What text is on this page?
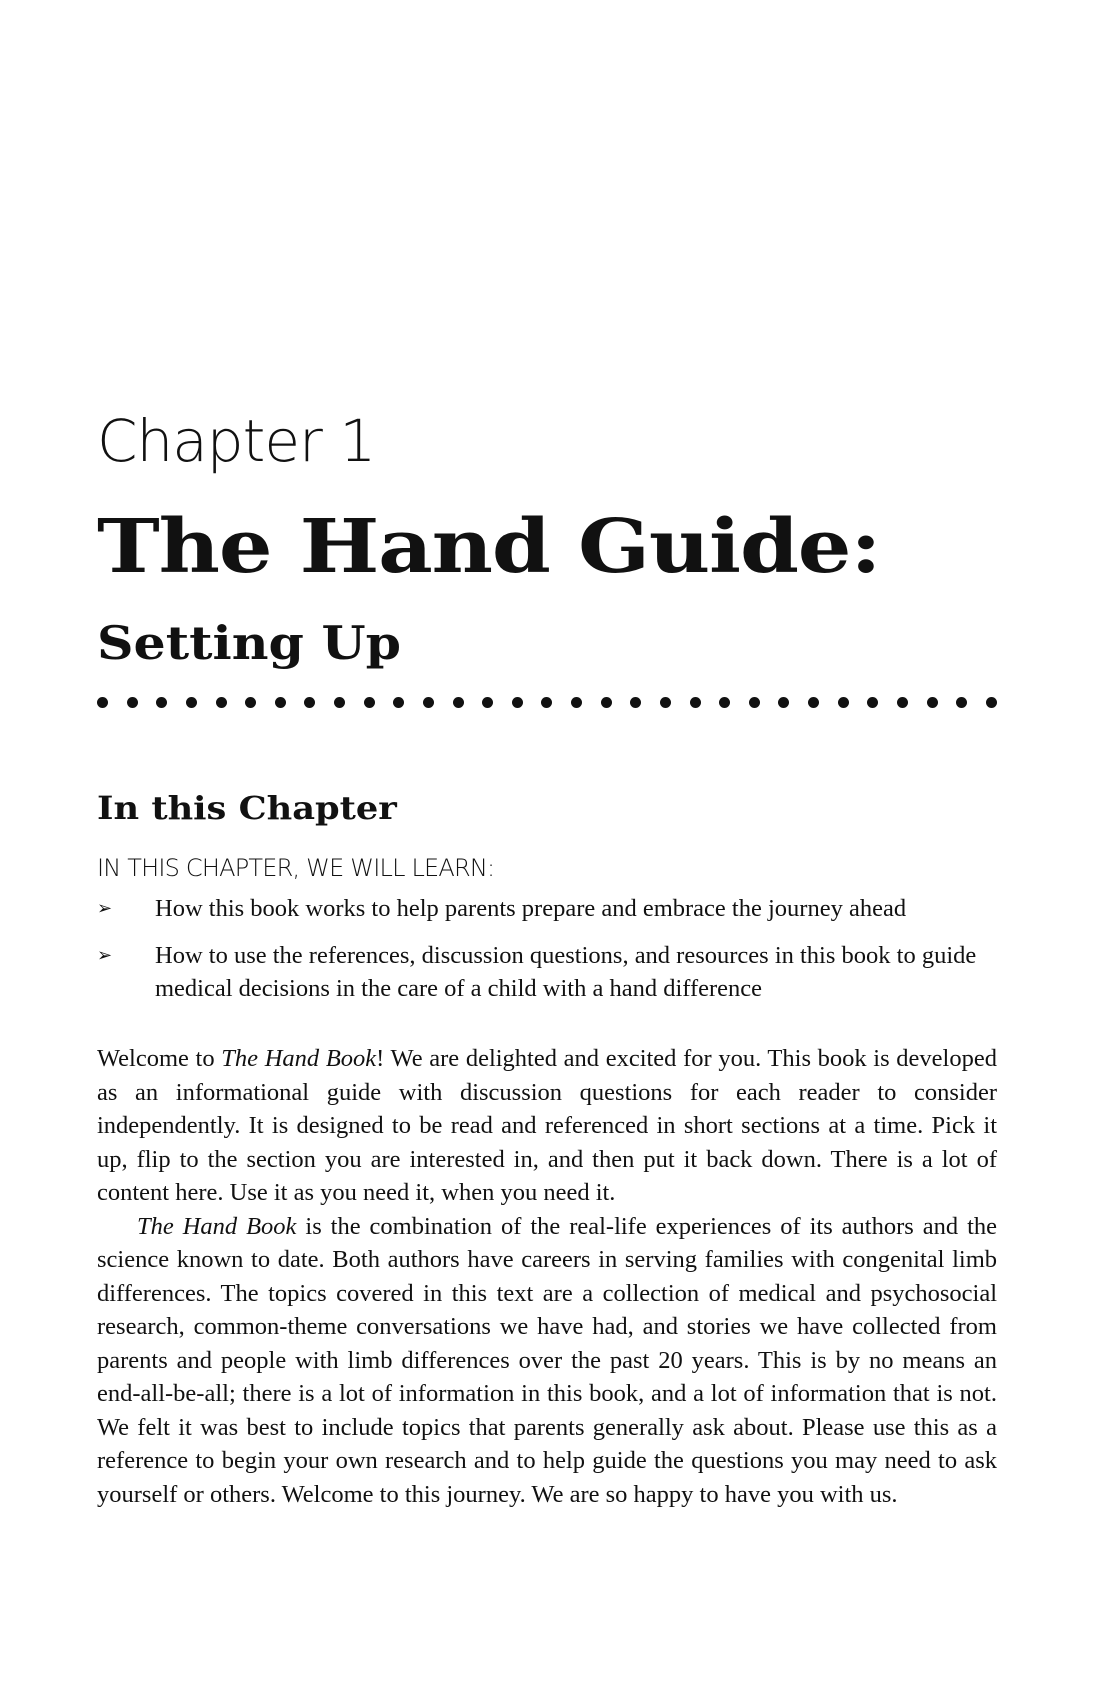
Chapter 1
The Hand Guide:
Setting Up
In this Chapter

IN THIS CHAPTER, WE WILL LEARN:

➢ How this book works to help parents prepare and embrace the journey ahead
➢ How to use the references, discussion questions, and resources in this book to guide medical decisions in the care of a child with a hand difference

Welcome to The Hand Book! We are delighted and excited for you. This book is developed as an informational guide with discussion questions for each reader to consider independently. It is designed to be read and referenced in short sections at a time. Pick it up, flip to the section you are interested in, and then put it back down. There is a lot of content here. Use it as you need it, when you need it.

The Hand Book is the combination of the real-life experiences of its authors and the science known to date. Both authors have careers in serving families with congenital limb differences. The topics covered in this text are a collection of medical and psychosocial research, common-theme conversations we have had, and stories we have collected from parents and people with limb differences over the past 20 years. This is by no means an end-all-be-all; there is a lot of information in this book, and a lot of information that is not. We felt it was best to include topics that parents generally ask about. Please use this as a reference to begin your own research and to help guide the questions you may need to ask yourself or others. Welcome to this journey. We are so happy to have you with us.
